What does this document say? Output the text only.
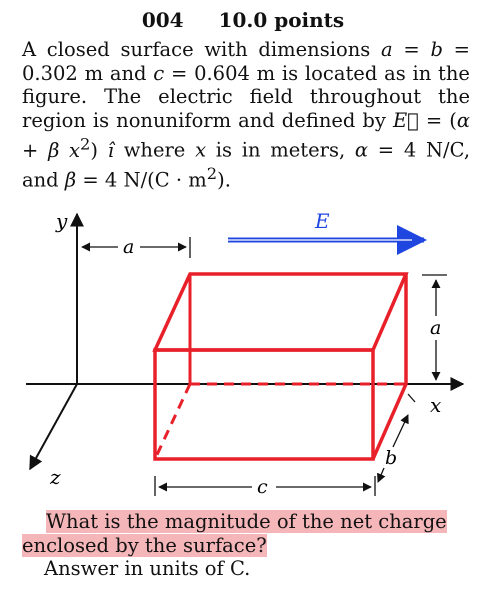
004 10.0 points
A closed surface with dimensions a = b = 0.302 m and c = 0.604 m is located as in the figure. The electric field throughout the region is nonuniform and defined by E⃗ = (α + β $x^2$) ı̂ where x is in meters, α = 4 N/C, and β = 4 $N/(C \cdot m^2)$.
y
x
z
a
E
a
b
c
What is the magnitude of the net charge
enclosed by the surface?
Answer in units of C.
